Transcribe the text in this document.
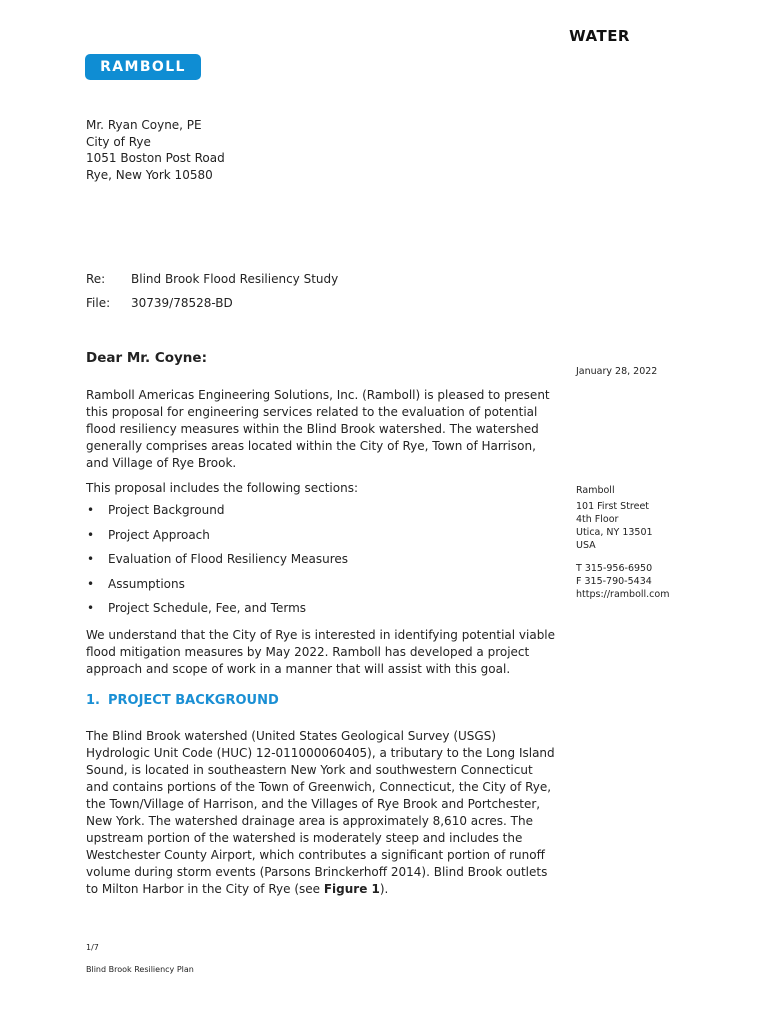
WATER
RAMBOLL
Mr. Ryan Coyne, PE
City of Rye
1051 Boston Post Road
Rye, New York 10580
Re: Blind Brook Flood Resiliency Study
File: 30739/78528-BD
Dear Mr. Coyne:
January 28, 2022

Ramboll Americas Engineering Solutions, Inc. (Ramboll) is pleased to present this proposal for engineering services related to the evaluation of potential flood resiliency measures within the Blind Brook watershed. The watershed generally comprises areas located within the City of Rye, Town of Harrison, and Village of Rye Brook.

This proposal includes the following sections:

• Project Background
• Project Approach
• Evaluation of Flood Resiliency Measures
• Assumptions
• Project Schedule, Fee, and Terms
Ramboll
101 First Street
4th Floor
Utica, NY 13501
USA
T 315-956-6950
F 315-790-5434
https://ramboll.com

We understand that the City of Rye is interested in identifying potential viable flood mitigation measures by May 2022. Ramboll has developed a project approach and scope of work in a manner that will assist with this goal.

1. PROJECT BACKGROUND

The Blind Brook watershed (United States Geological Survey (USGS) Hydrologic Unit Code (HUC) 12-011000060405), a tributary to the Long Island Sound, is located in southeastern New York and southwestern Connecticut and contains portions of the Town of Greenwich, Connecticut, the City of Rye, the Town/Village of Harrison, and the Villages of Rye Brook and Portchester, New York. The watershed drainage area is approximately 8,610 acres. The upstream portion of the watershed is moderately steep and includes the Westchester County Airport, which contributes a significant portion of runoff volume during storm events (Parsons Brinckerhoff 2014). Blind Brook outlets to Milton Harbor in the City of Rye (see Figure 1).

1/7
Blind Brook Resiliency Plan
